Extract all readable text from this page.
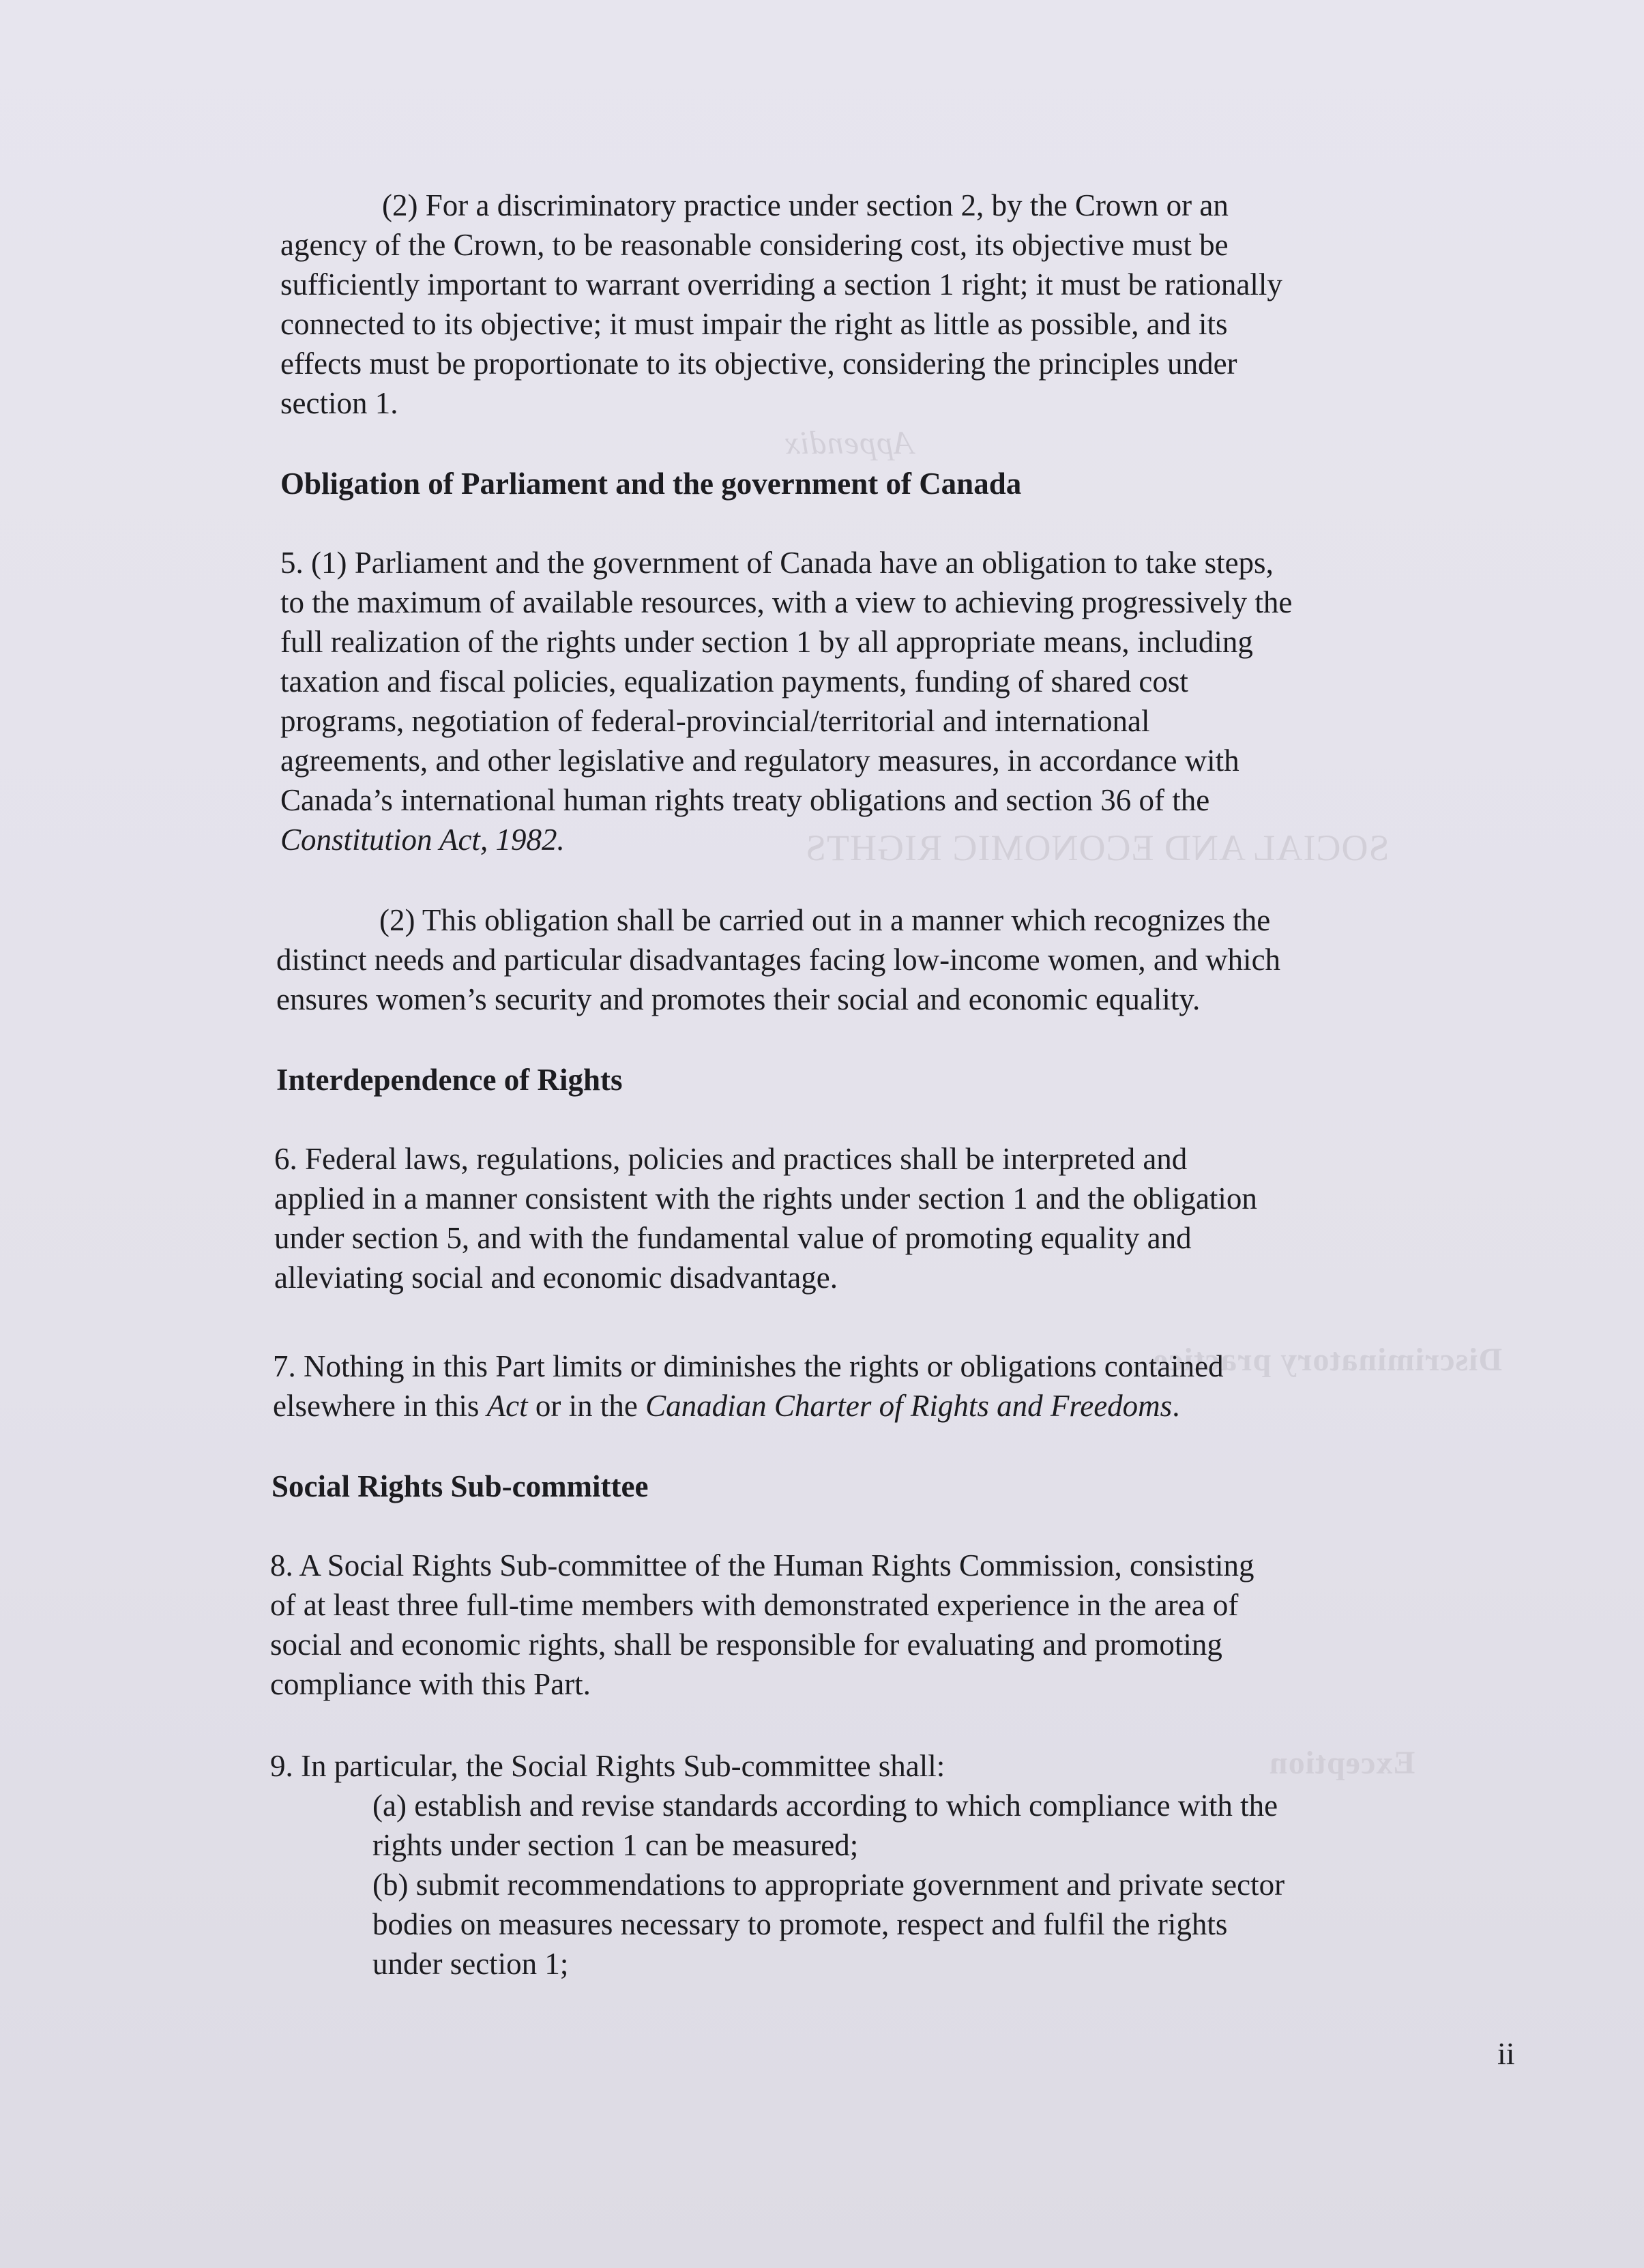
Appendix
SOCIAL AND ECONOMIC RIGHTS
Discriminatory practice
Exception
(2) For a discriminatory practice under section 2, by the Crown or an
agency of the Crown, to be reasonable considering cost, its objective must be
sufficiently important to warrant overriding a section 1 right; it must be rationally
connected to its objective; it must impair the right as little as possible, and its
effects must be proportionate to its objective, considering the principles under
section 1.
Obligation of Parliament and the government of Canada
5. (1) Parliament and the government of Canada have an obligation to take steps,
to the maximum of available resources, with a view to achieving progressively the
full realization of the rights under section 1 by all appropriate means, including
taxation and fiscal policies, equalization payments, funding of shared cost
programs, negotiation of federal-provincial/territorial and international
agreements, and other legislative and regulatory measures, in accordance with
Canada’s international human rights treaty obligations and section 36 of the
Constitution Act, 1982.
(2) This obligation shall be carried out in a manner which recognizes the
distinct needs and particular disadvantages facing low-income women, and which
ensures women’s security and promotes their social and economic equality.
Interdependence of Rights
6. Federal laws, regulations, policies and practices shall be interpreted and
applied in a manner consistent with the rights under section 1 and the obligation
under section 5, and with the fundamental value of promoting equality and
alleviating social and economic disadvantage.
7. Nothing in this Part limits or diminishes the rights or obligations contained
elsewhere in this Act or in the Canadian Charter of Rights and Freedoms.
Social Rights Sub-committee
8. A Social Rights Sub-committee of the Human Rights Commission, consisting
of at least three full-time members with demonstrated experience in the area of
social and economic rights, shall be responsible for evaluating and promoting
compliance with this Part.
9. In particular, the Social Rights Sub-committee shall:
(a) establish and revise standards according to which compliance with the
rights under section 1 can be measured;
(b) submit recommendations to appropriate government and private sector
bodies on measures necessary to promote, respect and fulfil the rights
under section 1;
ii
